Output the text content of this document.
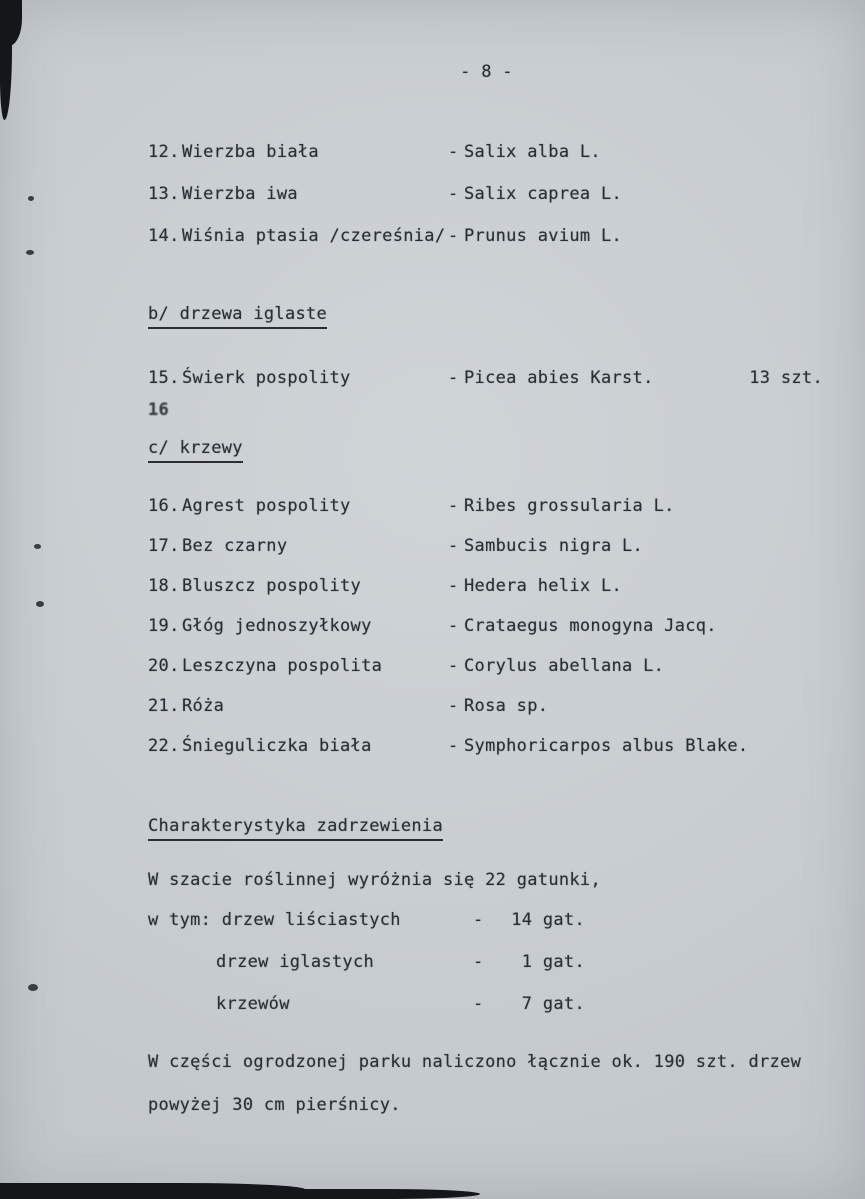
- 8 -
12. Wierzba biała	- Salix alba L.
13. Wierzba iwa	- Salix caprea L.
14. Wiśnia ptasia /czereśnia/ - Prunus avium L.
b/ drzewa iglaste
15. Świerk pospolity	- Picea abies Karst.	13 szt.
16
c/ krzewy
16. Agrest pospolity	- Ribes grossularia L.
17. Bez czarny	- Sambucis nigra L.
18. Bluszcz pospolity	- Hedera helix L.
19. Głóg jednoszyłkowy	- Crataegus monogyna Jacq.
20. Leszczyna pospolita	- Corylus abellana L.
21. Róża	- Rosa sp.
22. Śnieguliczka biała	- Symphoricarpos albus Blake.
Charakterystyka zadrzewienia
W szacie roślinnej wyróżnia się 22 gatunki,
w tym: drzew liściastych	-	14 gat.
drzew iglastych	-	1 gat.
krzewów	-	7 gat.
W części ogrodzonej parku naliczono łącznie ok. 190 szt. drzew
powyżej 30 cm pierśnicy.
